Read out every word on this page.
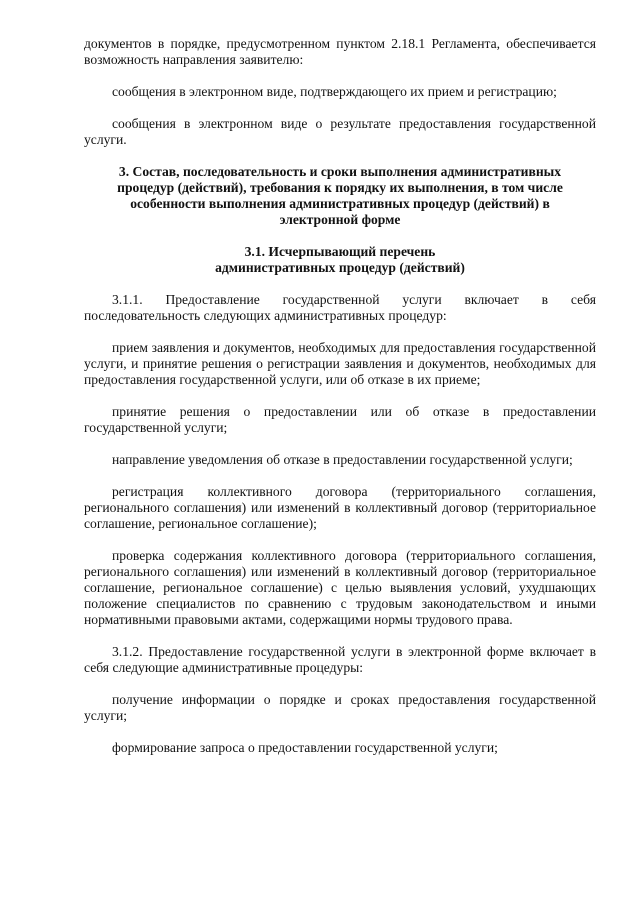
документов в порядке, предусмотренном пунктом 2.18.1 Регламента, обеспечивается возможность направления заявителю:

сообщения в электронном виде, подтверждающего их прием и регистрацию;

сообщения в электронном виде о результате предоставления государственной услуги.

3. Состав, последовательность и сроки выполнения административных процедур (действий), требования к порядку их выполнения, в том числе особенности выполнения административных процедур (действий) в электронной форме
3.1. Исчерпывающий перечень
административных процедур (действий)

3.1.1. Предоставление государственной услуги включает в себя последовательность следующих административных процедур:

прием заявления и документов, необходимых для предоставления государственной услуги, и принятие решения о регистрации заявления и документов, необходимых для предоставления государственной услуги, или об отказе в их приеме;

принятие решения о предоставлении или об отказе в предоставлении государственной услуги;

направление уведомления об отказе в предоставлении государственной услуги;

регистрация коллективного договора (территориального соглашения, регионального соглашения) или изменений в коллективный договор (территориальное соглашение, региональное соглашение);

проверка содержания коллективного договора (территориального соглашения, регионального соглашения) или изменений в коллективный договор (территориальное соглашение, региональное соглашение) с целью выявления условий, ухудшающих положение специалистов по сравнению с трудовым законодательством и иными нормативными правовыми актами, содержащими нормы трудового права.

3.1.2. Предоставление государственной услуги в электронной форме включает в себя следующие административные процедуры:

получение информации о порядке и сроках предоставления государственной услуги;

формирование запроса о предоставлении государственной услуги;
